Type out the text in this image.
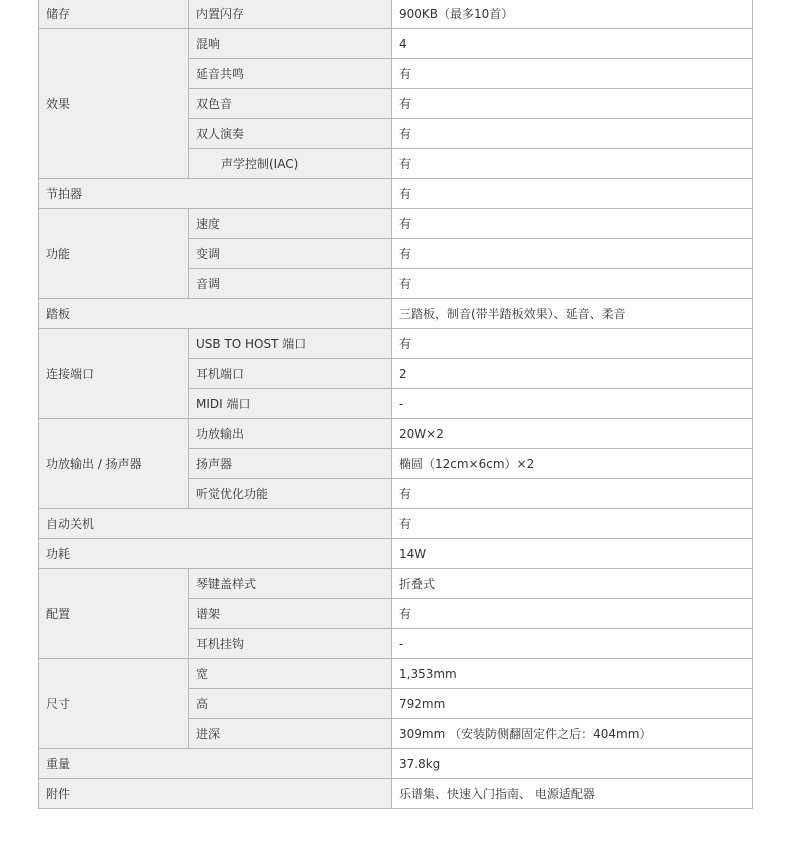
储存	内置闪存	900KB（最多10首）
效果	混响	4
	延音共鸣	有
	双色音	有
	双人演奏	有
	声学控制(IAC)	有
节拍器		有
功能	速度	有
	变调	有
	音调	有
踏板		三踏板，制音(带半踏板效果）、延音、柔音
连接端口	USB TO HOST 端口	有
	耳机端口	2
	MIDI 端口	-
功放输出 / 扬声器	功放输出	20W×2
	扬声器	椭圆（12cm×6cm）×2
	听觉优化功能	有
自动关机		有
功耗		14W
配置	琴键盖样式	折叠式
	谱架	有
	耳机挂钩	-
尺寸	宽	1,353mm
	高	792mm
	进深	309mm （安装防侧翻固定件之后：404mm）
重量		37.8kg
附件		乐谱集、快速入门指南、 电源适配器
